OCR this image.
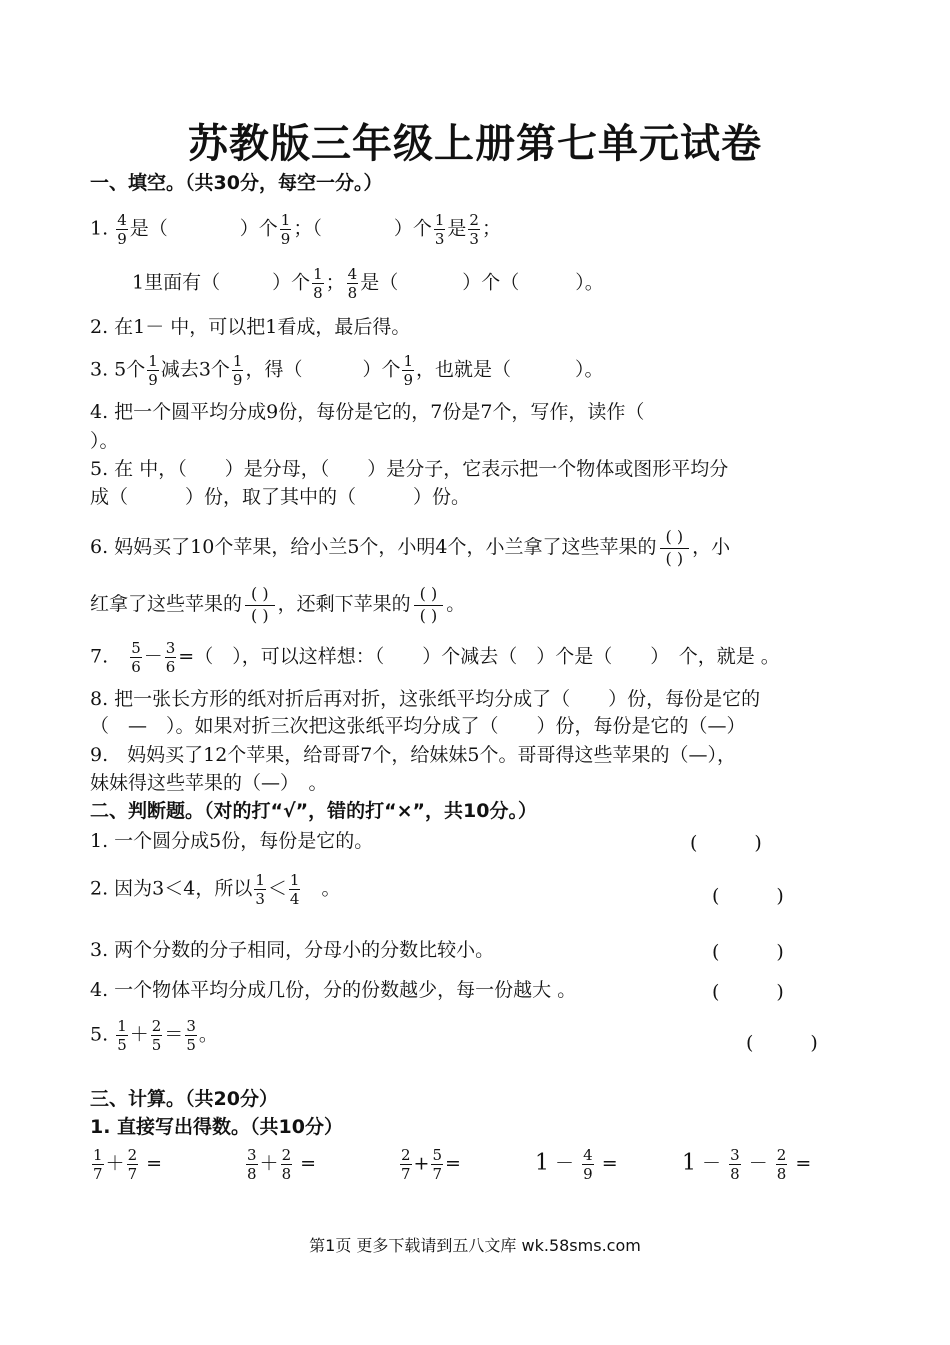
苏教版三年级上册第七单元试卷
一、填空。（共30分，每空一分。）
1. $\frac{4}{9}$ 是（	）个 $\frac{1}{9}$ ；（	）个 $\frac{1}{3}$ 是 $\frac{2}{3}$ ；
1里面有（	）个 $\frac{1}{8}$ ； $\frac{4}{8}$ 是（	）个（	）。
2. 在1－ 中，可以把1看成，最后得。
3. 5个 $\frac{1}{9}$ 减去3个 $\frac{1}{9}$ ，得（	）个 $\frac{1}{9}$ ，也就是（	）。
4. 把一个圆平均分成9份，每份是它的，7份是7个，写作，读作（
）。
5. 在 中，（　　）是分母，（　　）是分子，它表示把一个物体或图形平均分
成（　　　）份，取了其中的（　　　）份。
6. 妈妈买了10个苹果，给小兰5个，小明4个，小兰拿了这些苹果的 ( )
( )
，小
红拿了这些苹果的 ( )
( )
，还剩下苹果的 ( )
( )
。
7. $\frac{5}{6} - \frac{3}{6}$ =（　），可以这样想：（　　）个减去（　）个是（　　）　个，就是 。
8. 把一张长方形的纸对折后再对折，这张纸平均分成了（　　）份，每份是它的
（　—　）。如果对折三次把这张纸平均分成了（　　）份，每份是它的（—）
9.　妈妈买了12个苹果，给哥哥7个，给妹妹5个。哥哥得这些苹果的（—），
妹妹得这些苹果的（—）　。
二、判断题。（对的打“√”，错的打“×”，共10分。）
1. 一个圆分成5份，每份是它的。	(　　　)
2. 因为3＜4，所以 $\frac{1}{3} < \frac{1}{4}$
　 。	(　　　)
3. 两个分数的分子相同，分母小的分数比较小。	(　　　)
4. 一个物体平均分成几份，分的份数越少，每一份越大 。	(　　　)
5. $\frac{1}{5} + \frac{2}{5} = \frac{3}{5}$ 。	(　　　)
三、计算。（共20分）
1. 直接写出得数。（共10分）
$\frac{1}{7} + \frac{2}{7}$ =	$\frac{3}{8} + \frac{2}{8}$ =	$\frac{2}{7} + \frac{5}{7}$ =	$1 - \frac{4}{9}$ =	$1 - \frac{3}{8} - \frac{2}{8}$ =
第1页 更多下载请到五八文库 wk.58sms.com
